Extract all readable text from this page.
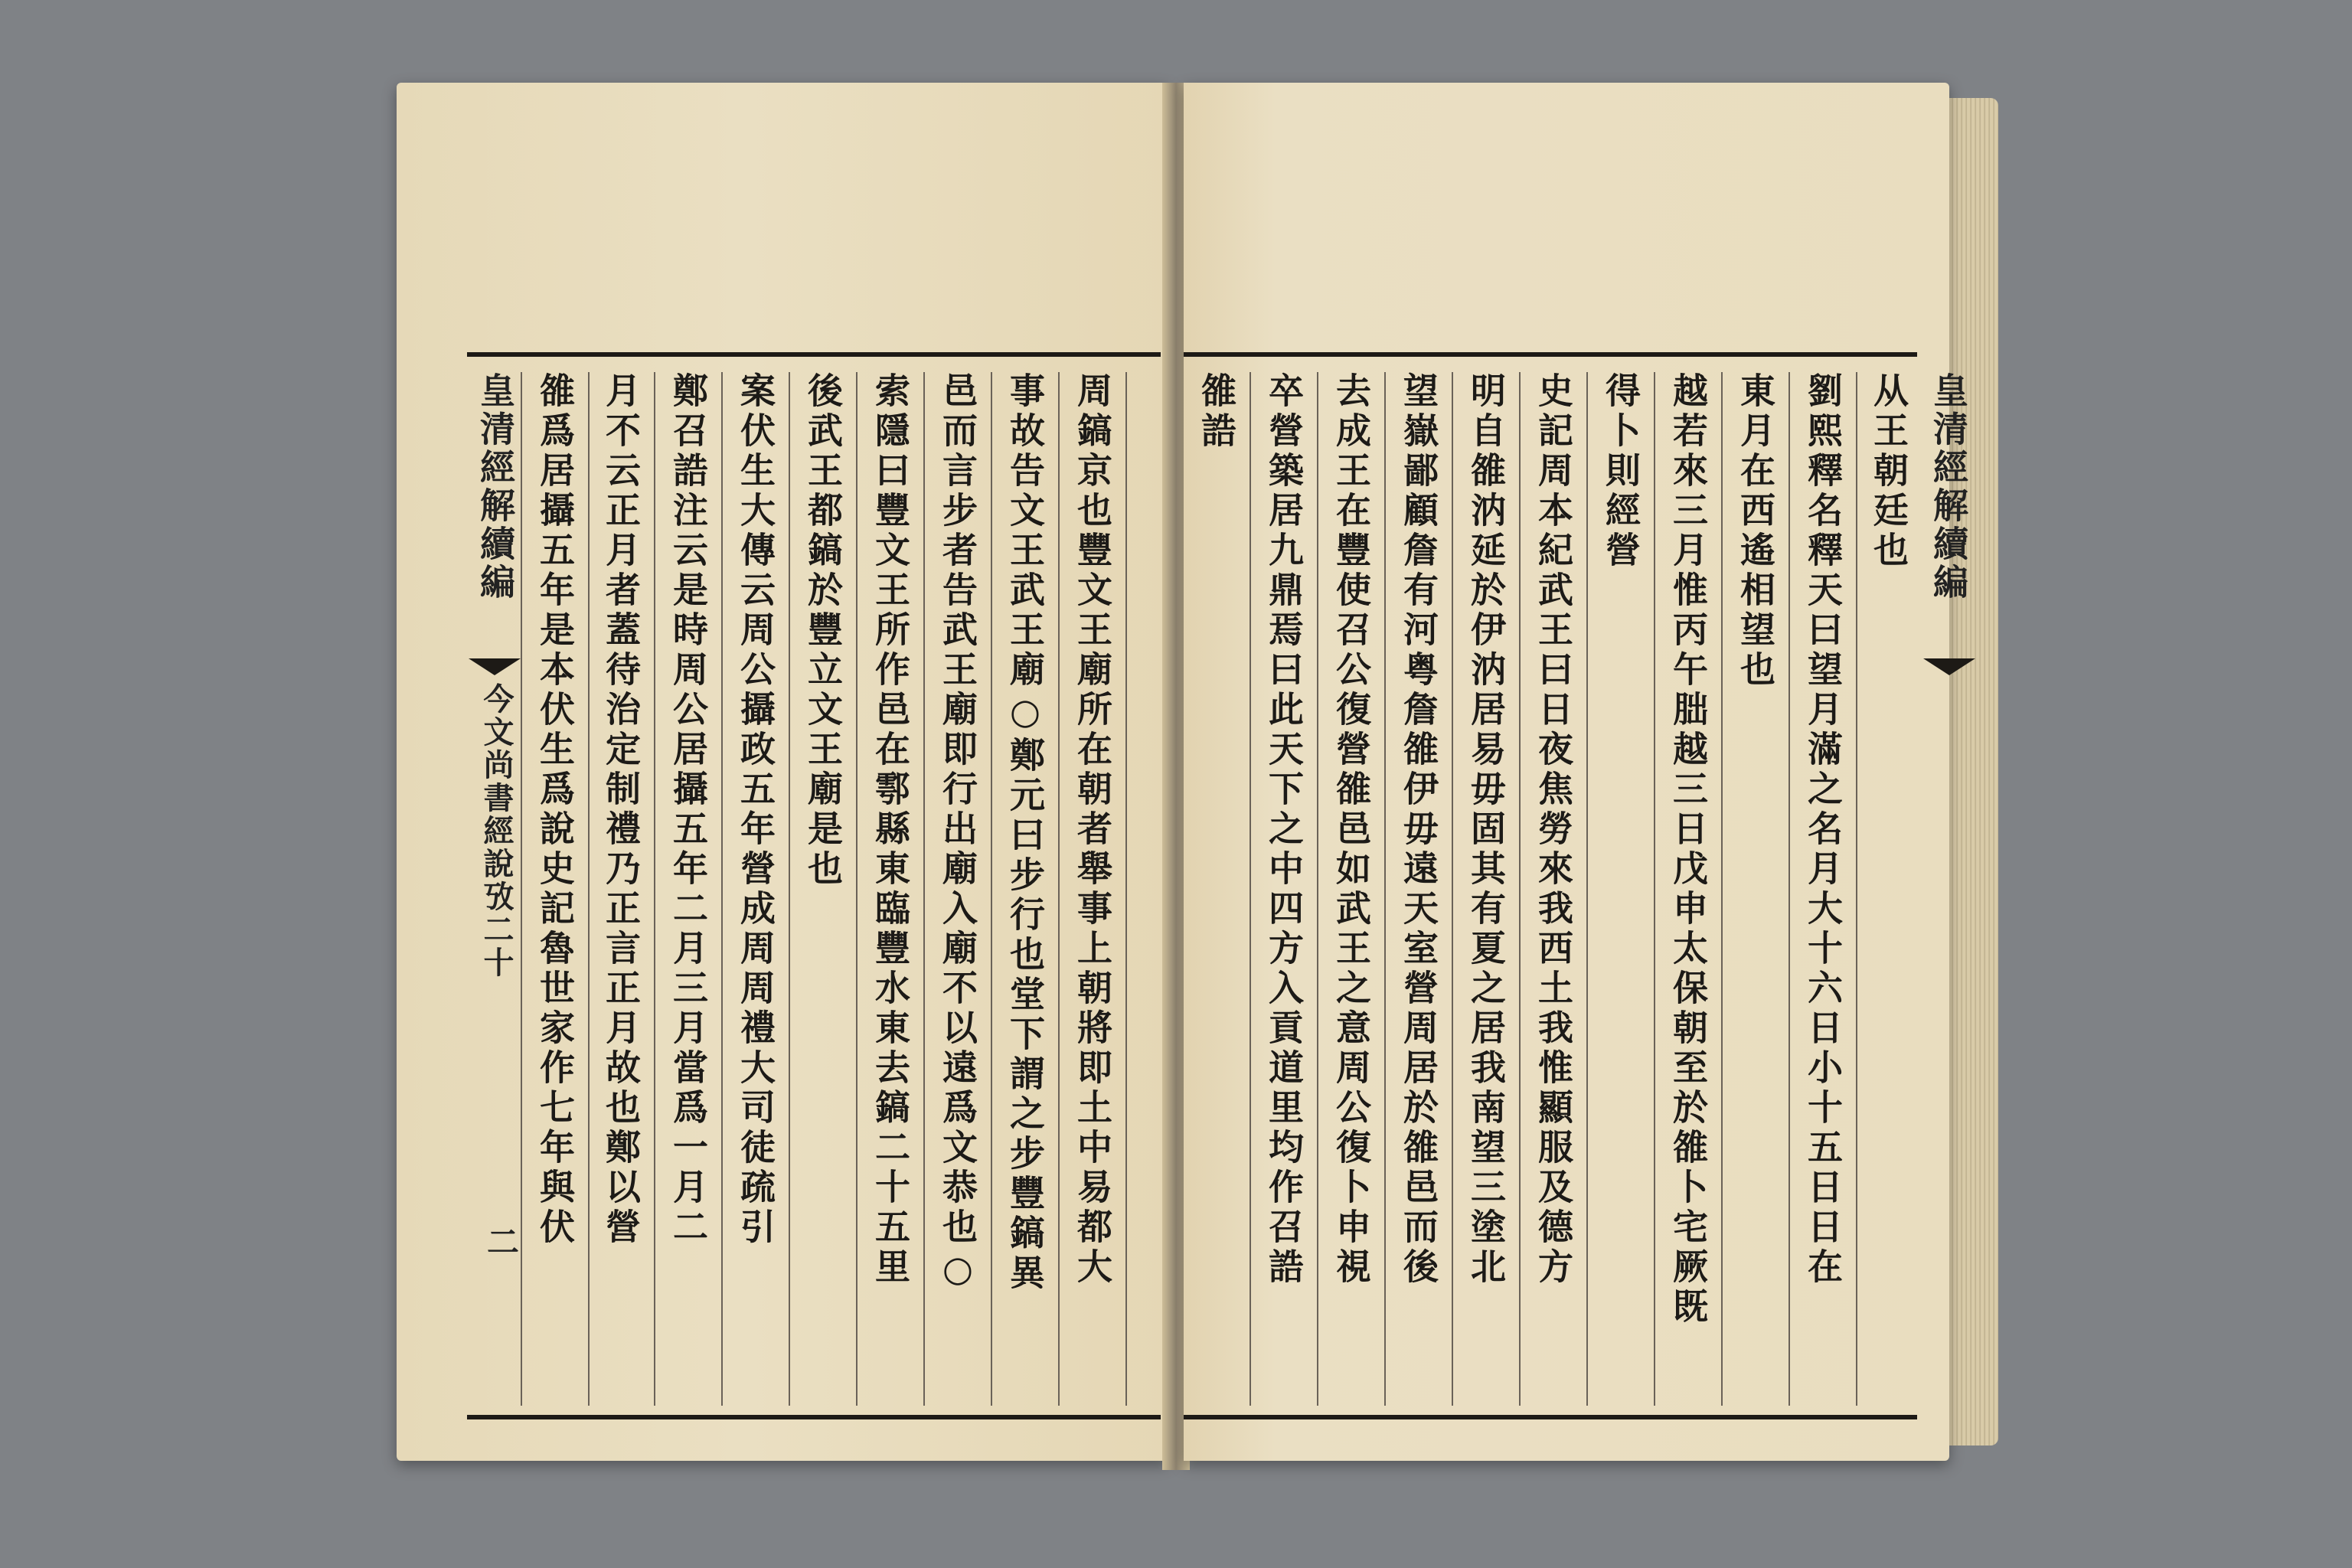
皇清經解續編
今文尚書經說攷二十
二 雒爲居攝五年是本伏生爲說史記魯世家作七年與伏 月不云正月者蓋待治定制禮乃正言正月故也鄭以營 鄭召誥注云是時周公居攝五年二月三月當爲一月二 案伏生大傳云周公攝政五年營成周周禮大司徒疏引 後武王都鎬於豐立文王廟是也 索隱曰豐文王所作邑在鄠縣東臨豐水東去鎬二十五里 邑而言步者告武王廟即行出廟入廟不以遠爲文恭也○ 事故告文王武王廟○鄭元曰步行也堂下謂之步豐鎬異 周鎬京也豐文王廟所在朝者舉事上朝將即土中易都大 雒誥 卒營築居九鼎焉曰此天下之中四方入貢道里均作召誥 去成王在豐使召公復營雒邑如武王之意周公復卜申視 望嶽鄙顧詹有河粤詹雒伊毋遠天室營周居於雒邑而後 明自雒汭延於伊汭居易毋固其有夏之居我南望三塗北 史記周本紀武王曰日夜焦勞來我西土我惟顯服及德方 得卜則經營 越若來三月惟丙午朏越三日戊申太保朝至於雒卜宅厥既 東月在西遙相望也 劉熙釋名釋天曰望月滿之名月大十六日小十五日日在 从王朝廷也 皇清經解續編
